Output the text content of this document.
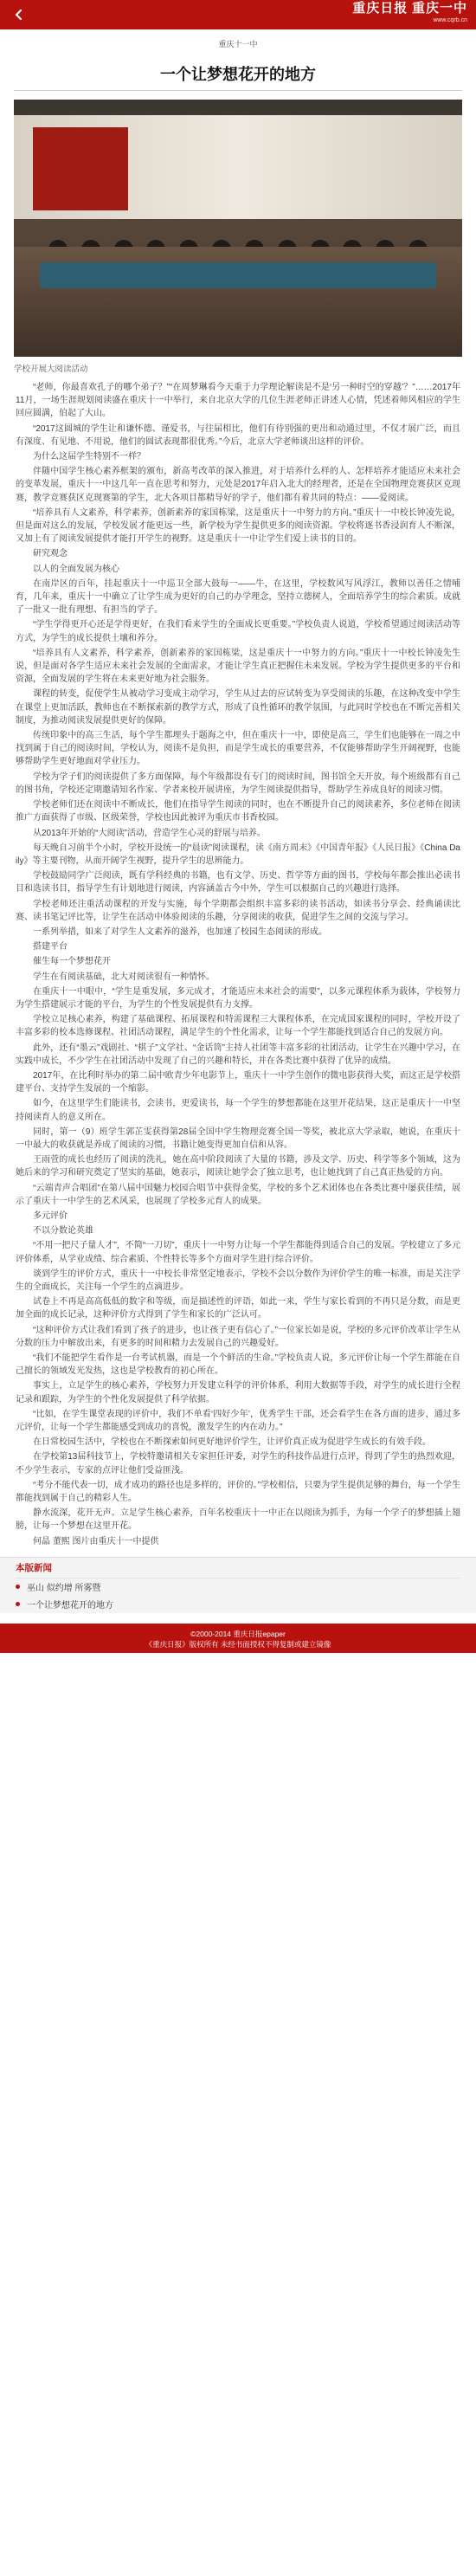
重庆日报 重庆一中
www.cqrb.cn
重庆十一中
一个让梦想花开的地方
学校开展大阅读活动

“老师，你最喜欢孔子的哪个弟子？”“在周梦琳看今天重于力学理论解读是不是‘另一种时空的穿越’？”……2017年11月，一场生涯规划阅读盛在重庆十一中举行，来自北京大学的几位生涯老师正讲述人心情，凭述着师风相应的学生回应圆满，伯起了大山。

“2017这圆城的学生让和谦怀德、谨爱书，与往届相比，他们有待别强的更出和动通过里，不仅才展广泛，而且有深度、有见地、不用说，他们的圆试表现都很优秀。”今后，北京大学老师谈出这样的评价。

为什么这届学生特别不一样？

伴随中国学生核心素养框架的颁布，新高考改革的深入推进，对于培养什么样的人、怎样培养才能适应未来社会的变革发展，重庆十一中这几年一直在思考和努力，元处是2017年启入北大的经理者，还是在全国物理竞赛获区克现赛，教学竞赛获区克现赛第的学生，北大各项目都精导好的学子，他们都有着共同的特点：——爱阅读。

“培养具有人文素养，科学素养，创新素养的家国栋梁，这是重庆十一中努力的方向。”重庆十一中校长钟凌先说，但是面对这么的发展，学校发展才能更远一些，新学校为学生提供更多的阅读资源。学校将逐书香浸润育人不断深，又加上有了阅读发展提供才能打开学生的视野。这是重庆十一中让学生们爱上读书的目的。

研究观念

以人的全面发展为核心

在南岸区的百年，挂起重庆十一中巡卫全部大鼓每一——牛，在这里，学校数风写风浮江，教师以善任之情哺育，几年来，重庆十一中确立了让学生成为更好的自己的办学理念，坚持立德树人，全面培养学生的综合素质。成就了一批又一批有理想、有担当的学子。

“学生学得更开心还是学得更好，在我们看来学生的全面成长更重要。”学校负责人说道，学校希望通过阅读活动等方式，为学生的成长提供土壤和养分。

“培养具有人文素养，科学素养，创新素养的家国栋梁，这是重庆十一中努力的方向。”重庆十一中校长钟凌先生说，但是面对各学生适应未来社会发展的全面需求，才能让学生真正把握住未来发展。学校为学生提供更多的平台和资源，全面发展的学生将在未来更好地为社会服务。

课程的转变，促使学生从被动学习变成主动学习，学生从过去的应试转变为享受阅读的乐趣，在这种改变中学生在课堂上更加活跃，教师也在不断探索新的教学方式，形成了良性循环的教学氛围，与此同时学校也在不断完善相关制度，为推动阅读发展提供更好的保障。

传统印象中的高三生活，每个学生都埋头于题海之中，但在重庆十一中，即使是高三，学生们也能够在一周之中找到属于自己的阅读时间，学校认为，阅读不是负担，而是学生成长的重要营养，不仅能够帮助学生开阔视野，也能够帮助学生更好地面对学业压力。

学校为学子们的阅读提供了多方面保障，每个年级都设有专门的阅读时间，图书馆全天开放，每个班级都有自己的图书角，学校还定期邀请知名作家、学者来校开展讲座，为学生阅读提供指导，帮助学生养成良好的阅读习惯。

学校老师们还在阅读中不断成长，他们在指导学生阅读的同时，也在不断提升自己的阅读素养，多位老师在阅读推广方面获得了市级、区级荣誉，学校也因此被评为重庆市书香校园。

从2013年开始的“大阅读”活动，营造学生心灵的舒展与培养。

每天晚自习前半个小时，学校开设统一的“晨读”阅读课程，读《南方周末》《中国青年报》《人民日报》《China Daily》等主要刊物，从而开阔学生视野，提升学生的思辨能力。

学校鼓励同学广泛阅读，既有学科经典的书籍，也有文学、历史、哲学等方面的图书，学校每年都会推出必读书目和选读书目，指导学生有计划地进行阅读，内容涵盖古今中外，学生可以根据自己的兴趣进行选择。

学校老师还注重活动课程的开发与实施，每个学期都会组织丰富多彩的读书活动，如读书分享会、经典诵读比赛、读书笔记评比等，让学生在活动中体验阅读的乐趣，分享阅读的收获，促进学生之间的交流与学习。

一系列举措，如来了对学生人文素养的滋养，也加速了校园生态阅读的形成。

搭建平台

催生每一个梦想花开

学生在有阅读基础，北大对阅读很有一种情怀。

在重庆十一中眼中，“学生是重发展，多元成才，才能适应未来社会的需要”，以多元课程体系为载体，学校努力为学生搭建展示才能的平台，为学生的个性发展提供有力支撑。

学校立足核心素养，构建了基础课程、拓展课程和特需课程三大课程体系，在完成国家课程的同时，学校开设了丰富多彩的校本选修课程、社团活动课程，满足学生的个性化需求，让每一个学生都能找到适合自己的发展方向。

此外，还有“墨云”戏剧社、“棋子”文学社、“金话筒”主持人社团等丰富多彩的社团活动，让学生在兴趣中学习，在实践中成长，不少学生在社团活动中发现了自己的兴趣和特长，并在各类比赛中获得了优异的成绩。

2017年，在比利时举办的第二届中欧青少年电影节上，重庆十一中学生创作的微电影获得大奖，而这正是学校搭建平台、支持学生发展的一个缩影。

如今，在这里学生们能读书，会读书，更爱读书，每一个学生的梦想都能在这里开花结果，这正是重庆十一中坚持阅读育人的意义所在。

同时，第一（9）班学生郭芷雯获得第28届全国中学生物理竞赛全国一等奖，被北京大学录取，她说，在重庆十一中最大的收获就是养成了阅读的习惯，书籍让她变得更加自信和从容。

王雨萱的成长也经历了阅读的洗礼，她在高中阶段阅读了大量的书籍，涉及文学、历史、科学等多个领域，这为她后来的学习和研究奠定了坚实的基础，她表示，阅读让她学会了独立思考，也让她找到了自己真正热爱的方向。

“云端青声合唱团”在第八届中国魅力校园合唱节中获得金奖，学校的多个艺术团体也在各类比赛中屡获佳绩，展示了重庆十一中学生的艺术风采，也展现了学校多元育人的成果。

多元评价

不以分数论英雄

“不用一把尺子量人才”，不简“一刀切”，重庆十一中努力让每一个学生都能得到适合自己的发展。学校建立了多元评价体系，从学业成绩、综合素质、个性特长等多个方面对学生进行综合评价。

谈到学生的评价方式，重庆十一中校长非常坚定地表示，学校不会以分数作为评价学生的唯一标准，而是关注学生的全面成长，关注每一个学生的点滴进步。

试卷上不再是高高低低的数字和等级，而是描述性的评语，如此一来，学生与家长看到的不再只是分数，而是更加全面的成长记录，这种评价方式得到了学生和家长的广泛认可。

“这种评价方式让我们看到了孩子的进步，也让孩子更有信心了。”一位家长如是说，学校的多元评价改革让学生从分数的压力中解放出来，有更多的时间和精力去发展自己的兴趣爱好。

“我们不能把学生看作是一台考试机器，而是一个个鲜活的生命。”学校负责人说，多元评价让每一个学生都能在自己擅长的领域发光发热，这也是学校教育的初心所在。

事实上，立足学生的核心素养，学校努力开发建立科学的评价体系，利用大数据等手段，对学生的成长进行全程记录和跟踪，为学生的个性化发展提供了科学依据。

“比如，在学生课堂表现的评价中，我们不单看‘四好少年’，优秀学生干部，还会看学生在各方面的进步，通过多元评价，让每一个学生都能感受到成功的喜悦，激发学生的内在动力。”

在日常校园生活中，学校也在不断探索如何更好地评价学生，让评价真正成为促进学生成长的有效手段。

在学校第13届科技节上，学校特邀请相关专家担任评委，对学生的科技作品进行点评，得到了学生的热烈欢迎，不少学生表示，专家的点评让他们受益匪浅。

“考分不能代表一切，成才成功的路径也是多样的，评价的。”学校相信，只要为学生提供足够的舞台，每一个学生都能找到属于自己的精彩人生。

静水流深，花开无声。立足学生核心素养，百年名校重庆十一中正在以阅读为抓手，为每一个学子的梦想插上翅膀，让每一个梦想在这里开花。

何晶 董熙 图片由重庆十一中提供

本版新闻
巫山 似约增 所雾暨
一个让梦想花开的地方
©2000-2014 重庆日报epaper
《重庆日报》版权所有 未经书面授权不得复制或建立镜像
